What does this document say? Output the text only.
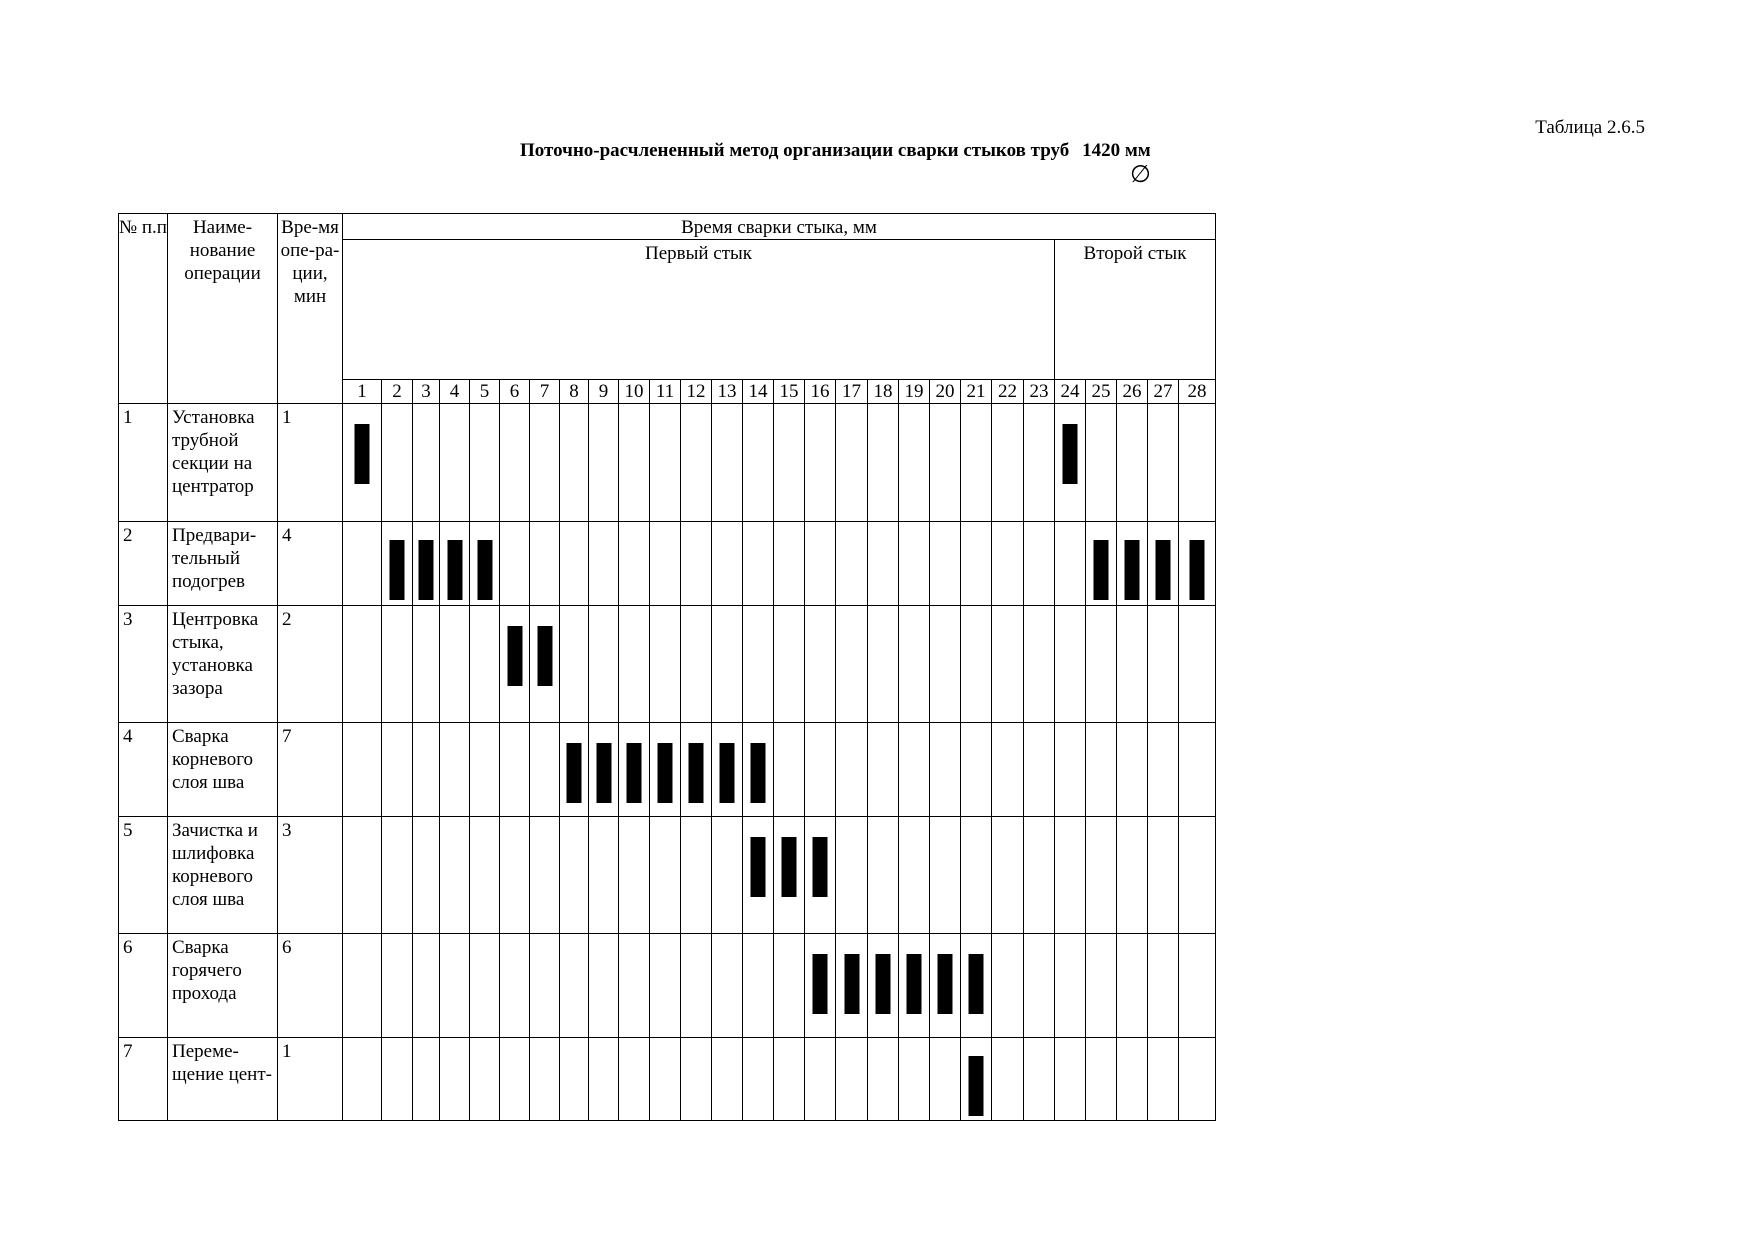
Таблица 2.6.5
Поточно-расчлененный метод организации сварки стыков труб
∅
1420 мм
№ п.п	Наиме-нование операции	Вре-мя опе-ра-ции, мин	Время сварки стыка, мм																											
			Первый стык																							Второй стык				
			1	2	3	4	5	6	7	8	9	10	11	12	13	14	15	16	17	18	19	20	21	22	23	24	25	26	27	28
1	Установка трубной секции на центратор	1	

2	Предвари-тельный подогрев	4		

3	Центровка стыка, установка зазора	2						

4	Сварка корневого слоя шва	7								

5	Зачистка и шлифовка корневого слоя шва	3														

6	Сварка горячего прохода	6																

7	Переме-щение цент-	1																					
